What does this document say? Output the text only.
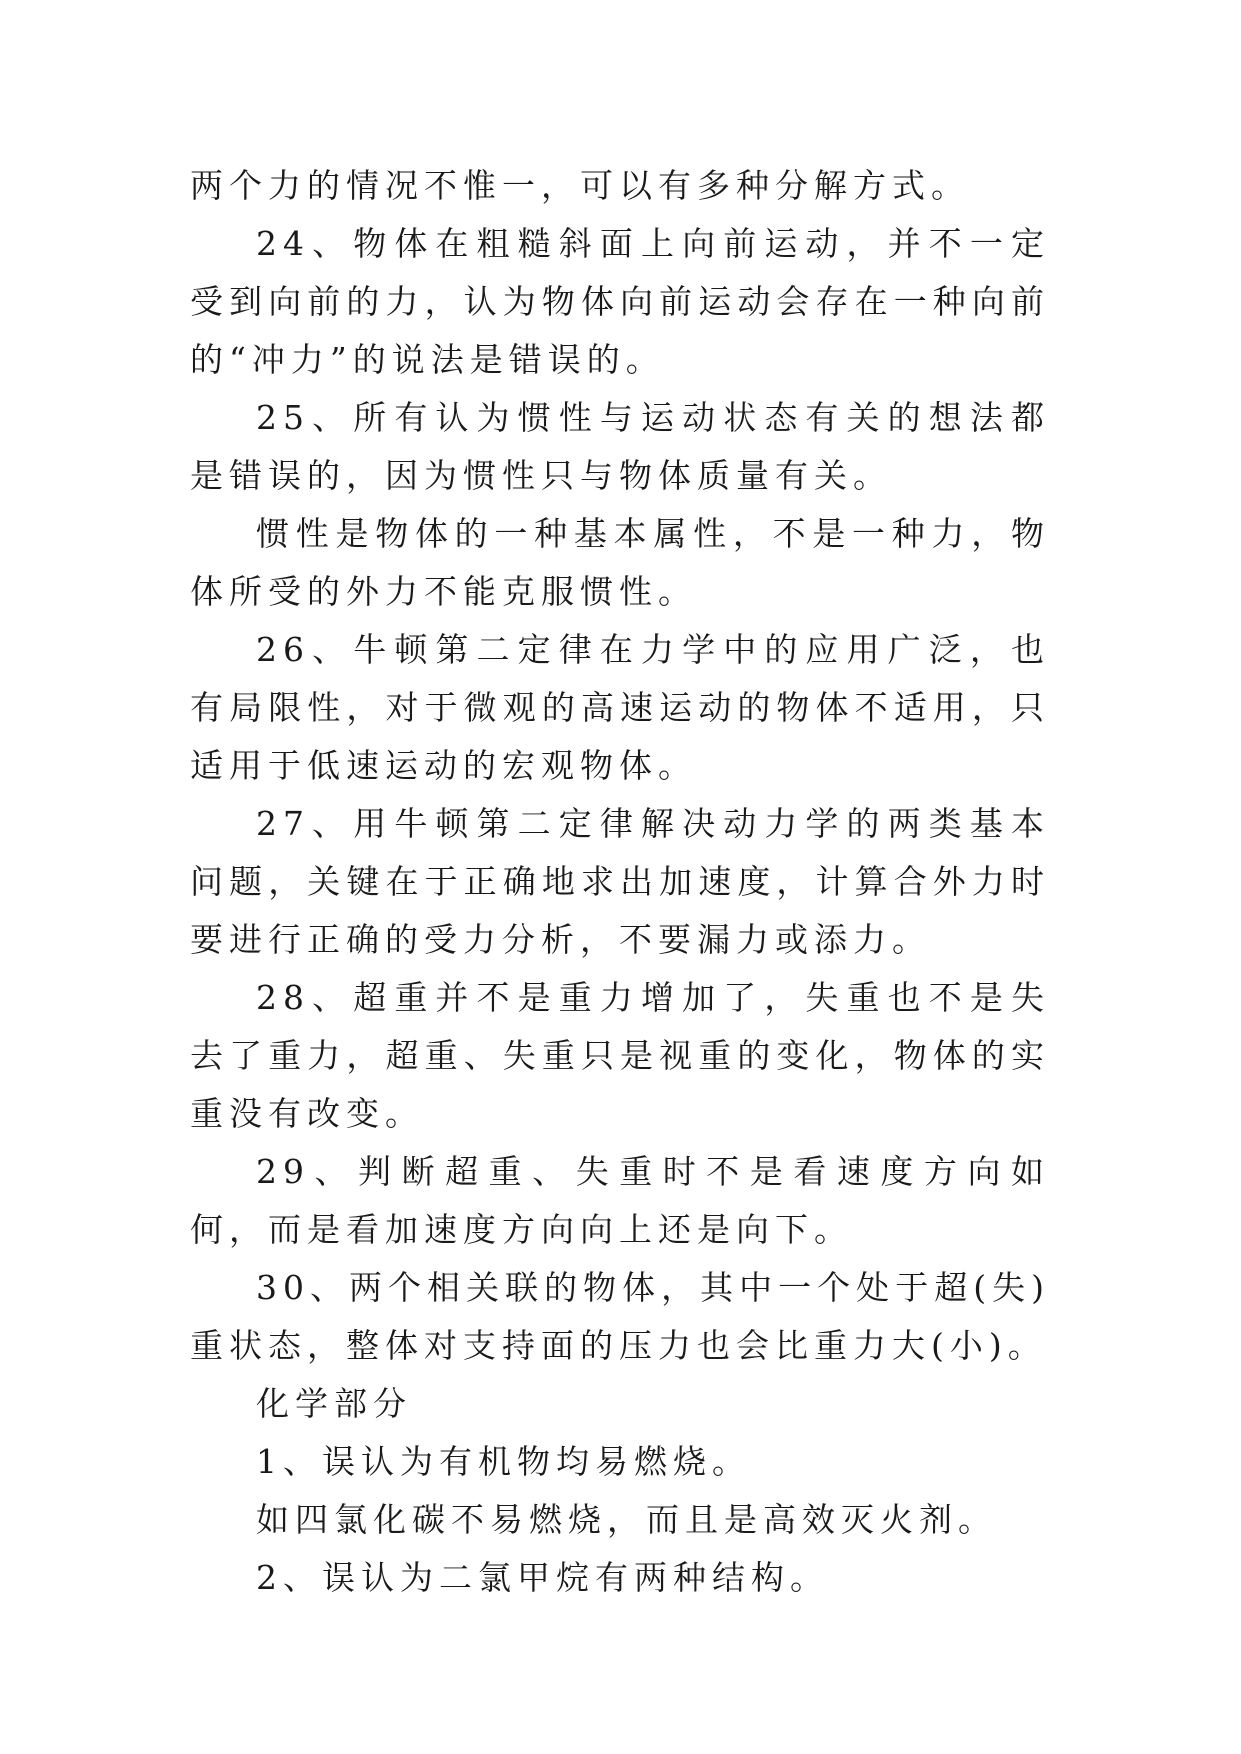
两个力的情况不惟一，可以有多种分解方式。

24、物体在粗糙斜面上向前运动，并不一定受到向前的力，认为物体向前运动会存在一种向前的“冲力”的说法是错误的。

25、所有认为惯性与运动状态有关的想法都是错误的，因为惯性只与物体质量有关。

惯性是物体的一种基本属性，不是一种力，物体所受的外力不能克服惯性。

26、牛顿第二定律在力学中的应用广泛，也有局限性，对于微观的高速运动的物体不适用，只适用于低速运动的宏观物体。

27、用牛顿第二定律解决动力学的两类基本问题，关键在于正确地求出加速度，计算合外力时要进行正确的受力分析，不要漏力或添力。

28、超重并不是重力增加了，失重也不是失去了重力，超重、失重只是视重的变化，物体的实重没有改变。

29、判断超重、失重时不是看速度方向如何，而是看加速度方向向上还是向下。

30、两个相关联的物体，其中一个处于超(失)重状态，整体对支持面的压力也会比重力大(小)。

化学部分

1、误认为有机物均易燃烧。

如四氯化碳不易燃烧，而且是高效灭火剂。

2、误认为二氯甲烷有两种结构。
